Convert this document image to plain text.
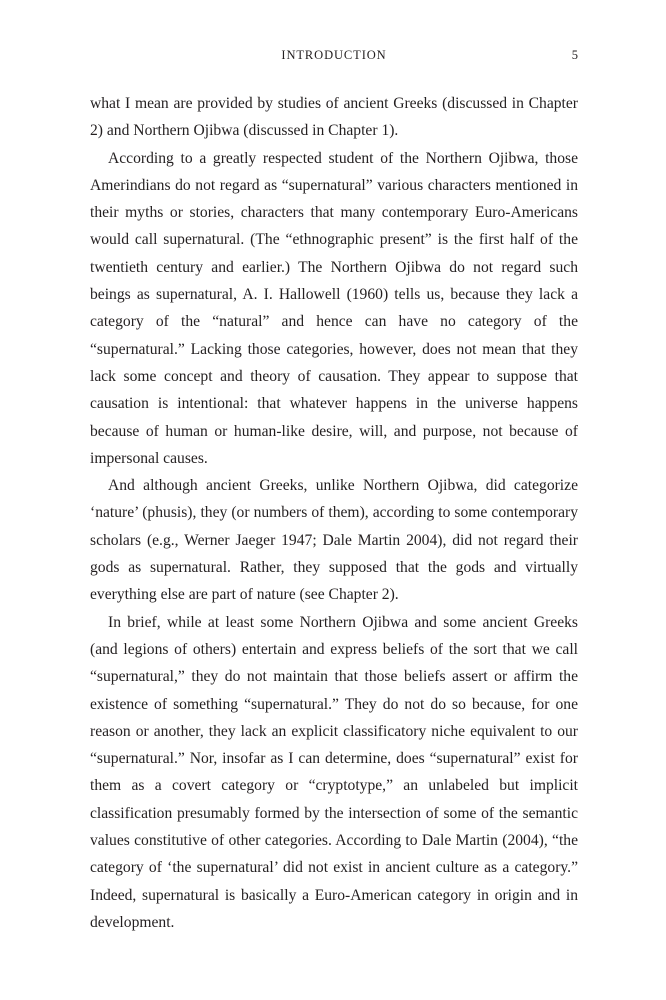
INTRODUCTION	5

what I mean are provided by studies of ancient Greeks (discussed in Chapter 2) and Northern Ojibwa (discussed in Chapter 1).

According to a greatly respected student of the Northern Ojibwa, those Amerindians do not regard as “supernatural” various characters mentioned in their myths or stories, characters that many contemporary Euro-Americans would call supernatural. (The “ethnographic present” is the first half of the twentieth century and earlier.) The Northern Ojibwa do not regard such beings as supernatural, A. I. Hallowell (1960) tells us, because they lack a category of the “natural” and hence can have no category of the “supernatural.” Lacking those categories, however, does not mean that they lack some concept and theory of causation. They appear to suppose that causation is intentional: that whatever happens in the universe happens because of human or human-like desire, will, and purpose, not because of impersonal causes.

And although ancient Greeks, unlike Northern Ojibwa, did categorize ‘nature’ (phusis), they (or numbers of them), according to some contemporary scholars (e.g., Werner Jaeger 1947; Dale Martin 2004), did not regard their gods as supernatural. Rather, they supposed that the gods and virtually everything else are part of nature (see Chapter 2).

In brief, while at least some Northern Ojibwa and some ancient Greeks (and legions of others) entertain and express beliefs of the sort that we call “supernatural,” they do not maintain that those beliefs assert or affirm the existence of something “supernatural.” They do not do so because, for one reason or another, they lack an explicit classificatory niche equivalent to our “supernatural.” Nor, insofar as I can determine, does “supernatural” exist for them as a covert category or “cryptotype,” an unlabeled but implicit classification presumably formed by the intersection of some of the semantic values constitutive of other categories. According to Dale Martin (2004), “the category of ‘the supernatural’ did not exist in ancient culture as a category.” Indeed, supernatural is basically a Euro-American category in origin and in development.
